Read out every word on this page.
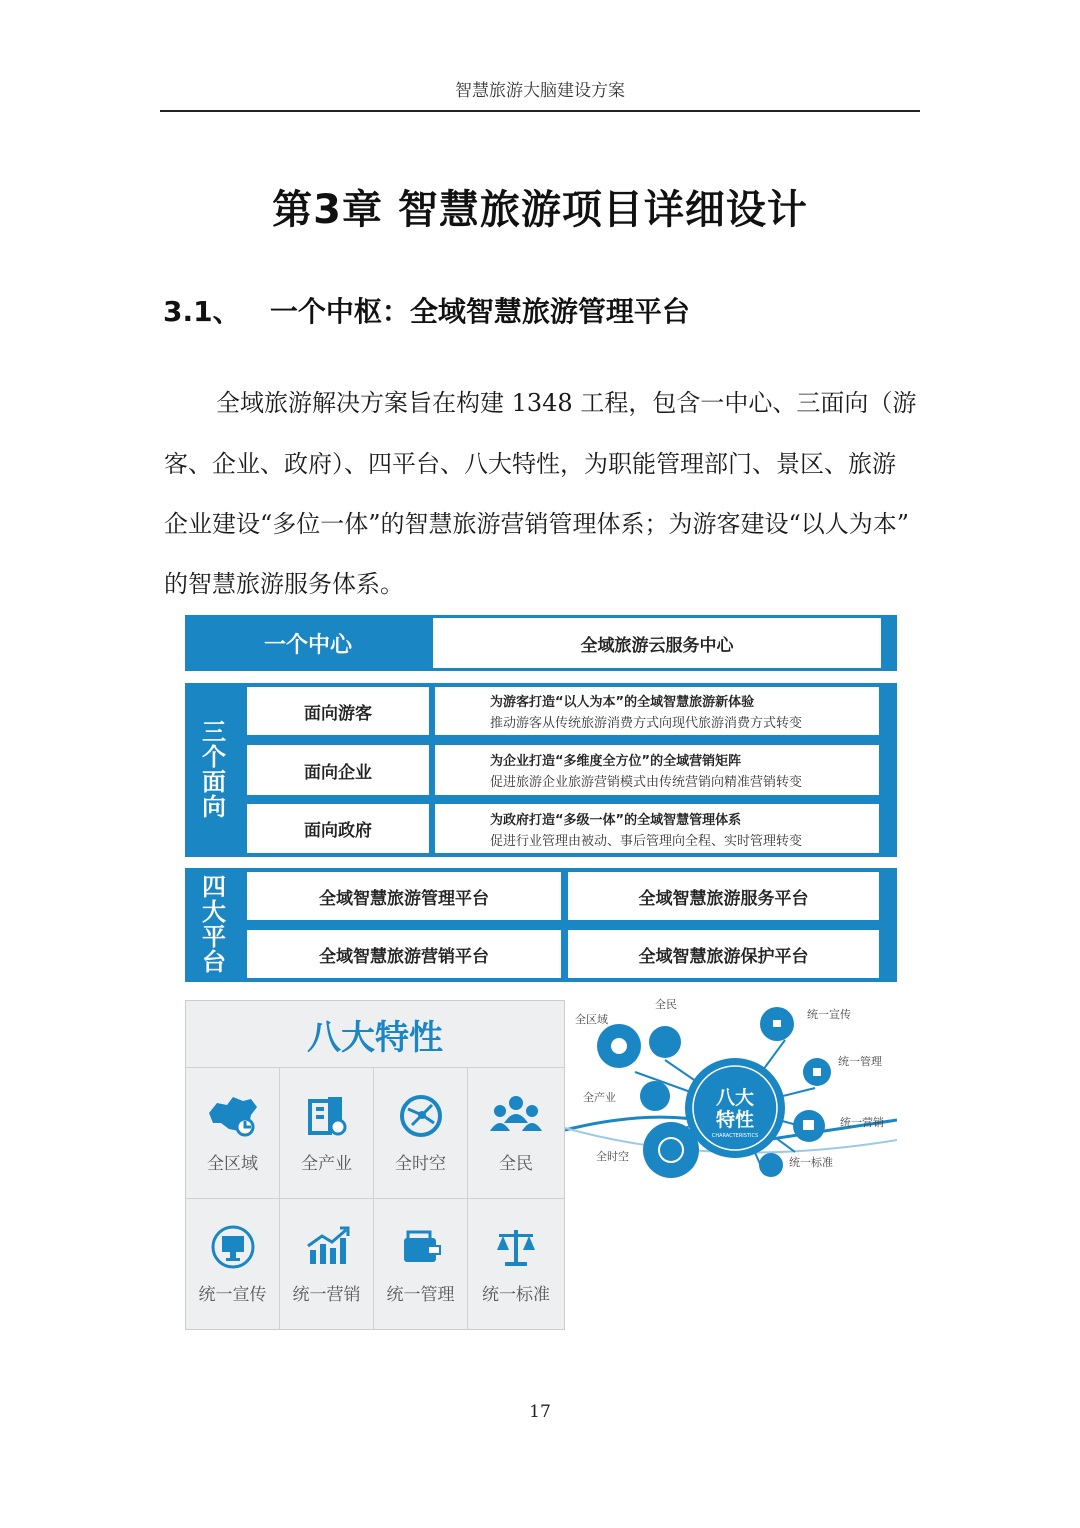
智慧旅游大脑建设方案
第3章 智慧旅游项目详细设计
3.1、   一个中枢：全域智慧旅游管理平台
全域旅游解决方案旨在构建 1348 工程，包含一中心、三面向（游
客、企业、政府）、四平台、八大特性，为职能管理部门、景区、旅游
企业建设“多位一体”的智慧旅游营销管理体系；为游客建设“以人为本”
的智慧旅游服务体系。
一个中心	全域旅游云服务中心
三
个
面
向
面向游客
为游客打造“以人为本”的全域智慧旅游新体验
推动游客从传统旅游消费方式向现代旅游消费方式转变
面向企业
为企业打造“多维度全方位”的全域营销矩阵
促进旅游企业旅游营销模式由传统营销向精准营销转变
面向政府
为政府打造“多级一体”的全域智慧管理体系
促进行业管理由被动、事后管理向全程、实时管理转变
四
大
平
台
全域智慧旅游管理平台	全域智慧旅游服务平台
全域智慧旅游营销平台	全域智慧旅游保护平台
八大特性
全区域	全产业	全时空	全民
统一宣传 统一营销 统一管理 统一标准
八大
特性
CHARACTERISTICS
全区域
全民
统一宣传
统一管理
统一营销
统一标准
全时空
全产业
17
